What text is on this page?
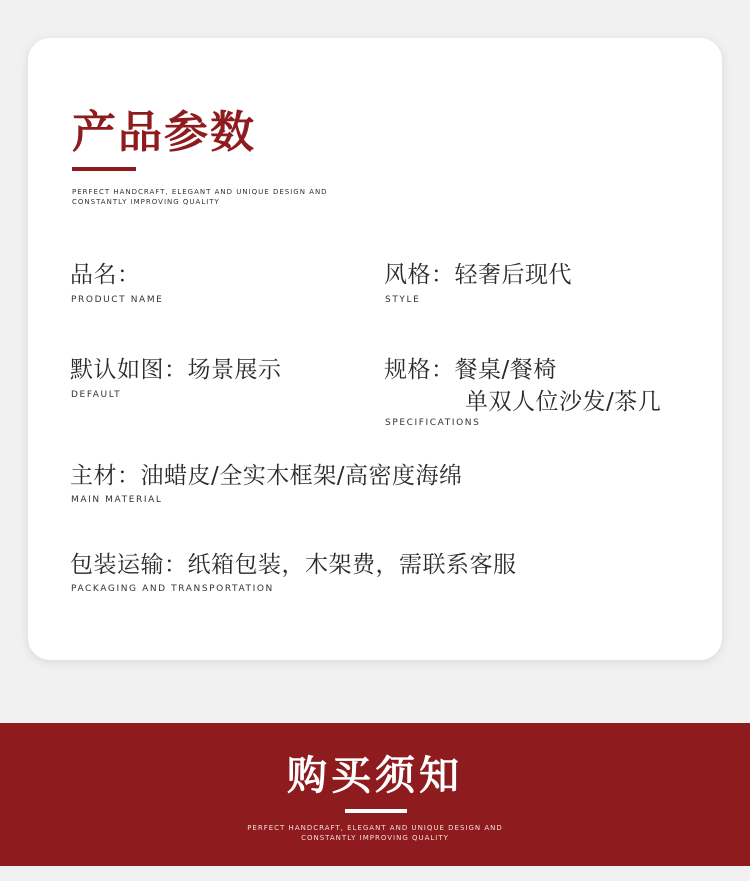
产品参数
PERFECT HANDCRAFT, ELEGANT AND UNIQUE DESIGN AND
CONSTANTLY IMPROVING QUALITY
品名：
PRODUCT NAME
风格：轻奢后现代
STYLE
默认如图：场景展示
DEFAULT
规格：餐桌/餐椅
单双人位沙发/茶几
SPECIFICATIONS
主材：油蜡皮/全实木框架/高密度海绵
MAIN MATERIAL
包装运输：纸箱包装，木架费，需联系客服
PACKAGING AND TRANSPORTATION
购买须知
PERFECT HANDCRAFT, ELEGANT AND UNIQUE DESIGN AND
CONSTANTLY IMPROVING QUALITY
